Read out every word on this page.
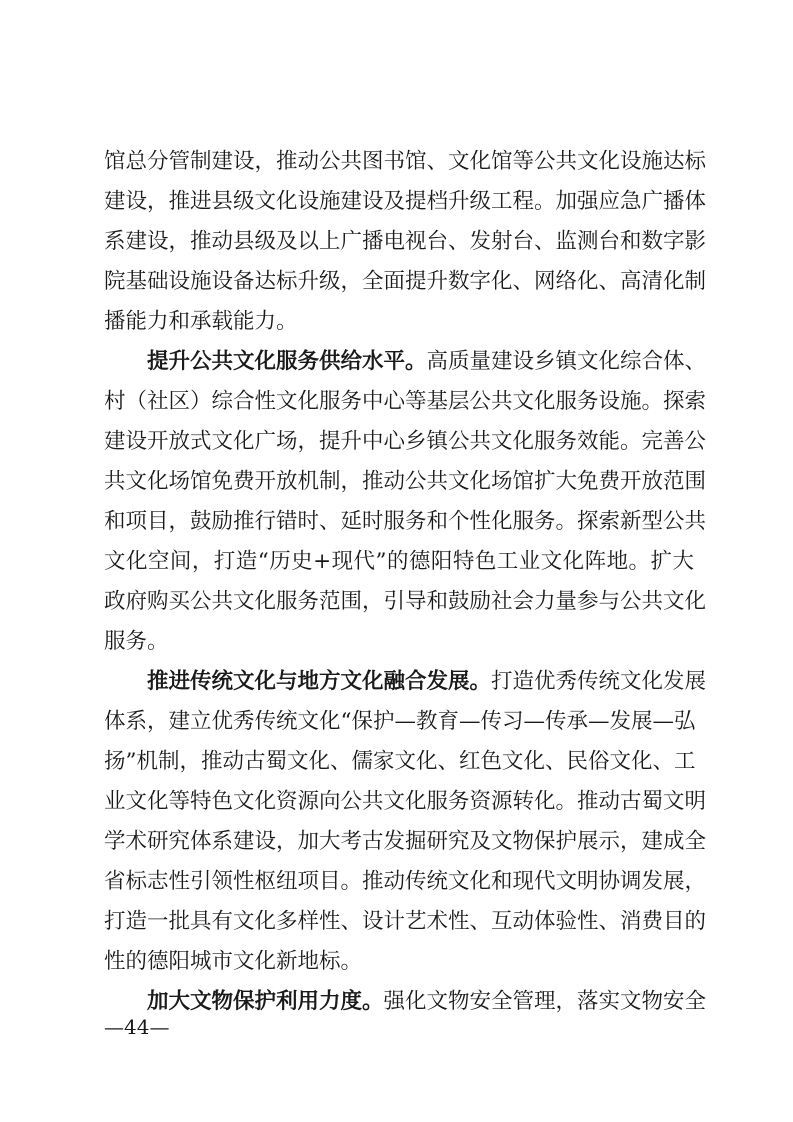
馆总分管制建设，推动公共图书馆、文化馆等公共文化设施达标
建设，推进县级文化设施建设及提档升级工程。加强应急广播体
系建设，推动县级及以上广播电视台、发射台、监测台和数字影
院基础设施设备达标升级，全面提升数字化、网络化、高清化制
播能力和承载能力。
提升公共文化服务供给水平。高质量建设乡镇文化综合体、
村（社区）综合性文化服务中心等基层公共文化服务设施。探索
建设开放式文化广场，提升中心乡镇公共文化服务效能。完善公
共文化场馆免费开放机制，推动公共文化场馆扩大免费开放范围
和项目，鼓励推行错时、延时服务和个性化服务。探索新型公共
文化空间，打造“历史+现代”的德阳特色工业文化阵地。扩大
政府购买公共文化服务范围，引导和鼓励社会力量参与公共文化
服务。
推进传统文化与地方文化融合发展。打造优秀传统文化发展
体系，建立优秀传统文化“保护—教育—传习—传承—发展—弘
扬”机制，推动古蜀文化、儒家文化、红色文化、民俗文化、工
业文化等特色文化资源向公共文化服务资源转化。推动古蜀文明
学术研究体系建设，加大考古发掘研究及文物保护展示，建成全
省标志性引领性枢纽项目。推动传统文化和现代文明协调发展，
打造一批具有文化多样性、设计艺术性、互动体验性、消费目的
性的德阳城市文化新地标。
加大文物保护利用力度。强化文物安全管理，落实文物安全
—44—
